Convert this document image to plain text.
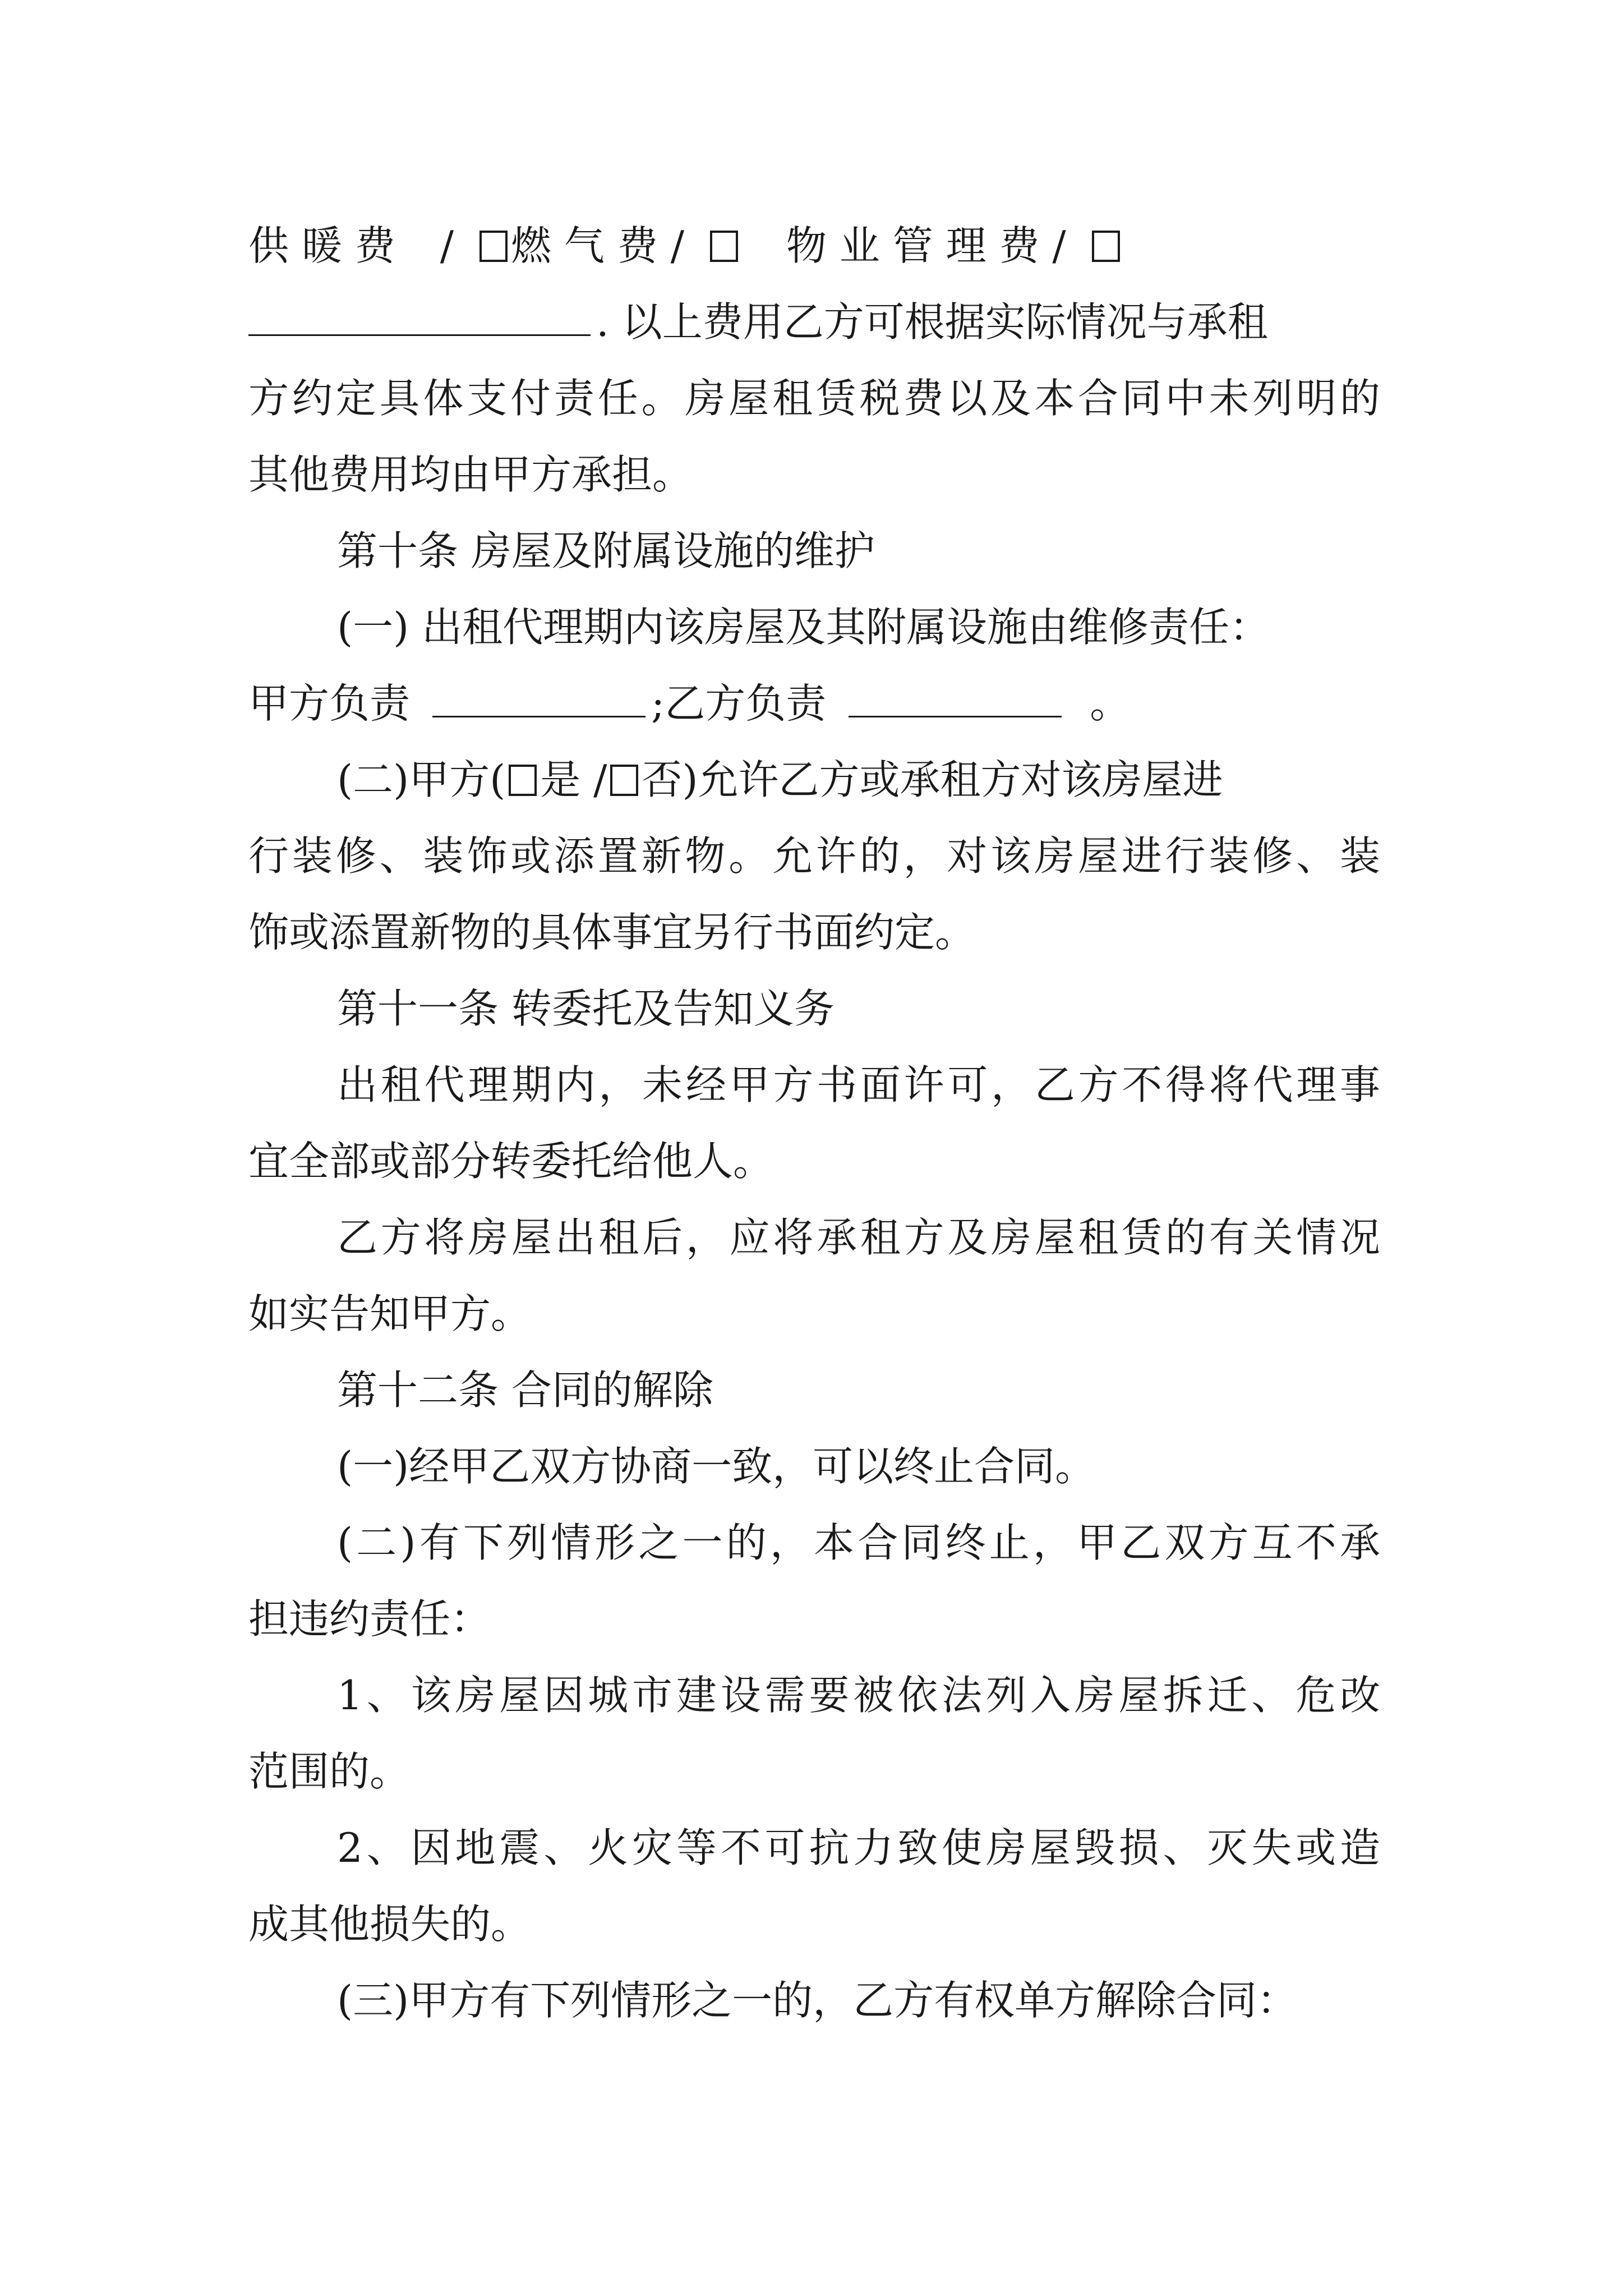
供 暖 费 / 燃 气 费 /	物 业 管 理 费 /
. 以上费用乙方可根据实际情况与承租
方约定具体支付责任。房屋租赁税费以及本合同中未列明的
其他费用均由甲方承担。
第十条 房屋及附属设施的维护
(一) 出租代理期内该房屋及其附属设施由维修责任：
甲方负责	;乙方负责	。
(二)甲方( 是 / 否)允许乙方或承租方对该房屋进
行装修、装饰或添置新物。允许的，对该房屋进行装修、装
饰或添置新物的具体事宜另行书面约定。
第十一条 转委托及告知义务
出租代理期内，未经甲方书面许可，乙方不得将代理事
宜全部或部分转委托给他人。
乙方将房屋出租后，应将承租方及房屋租赁的有关情况
如实告知甲方。
第十二条 合同的解除
(一)经甲乙双方协商一致，可以终止合同。
(二)有下列情形之一的，本合同终止，甲乙双方互不承
担违约责任：
1、该房屋因城市建设需要被依法列入房屋拆迁、危改
范围的。
2、因地震、火灾等不可抗力致使房屋毁损、灭失或造
成其他损失的。
(三)甲方有下列情形之一的，乙方有权单方解除合同：
